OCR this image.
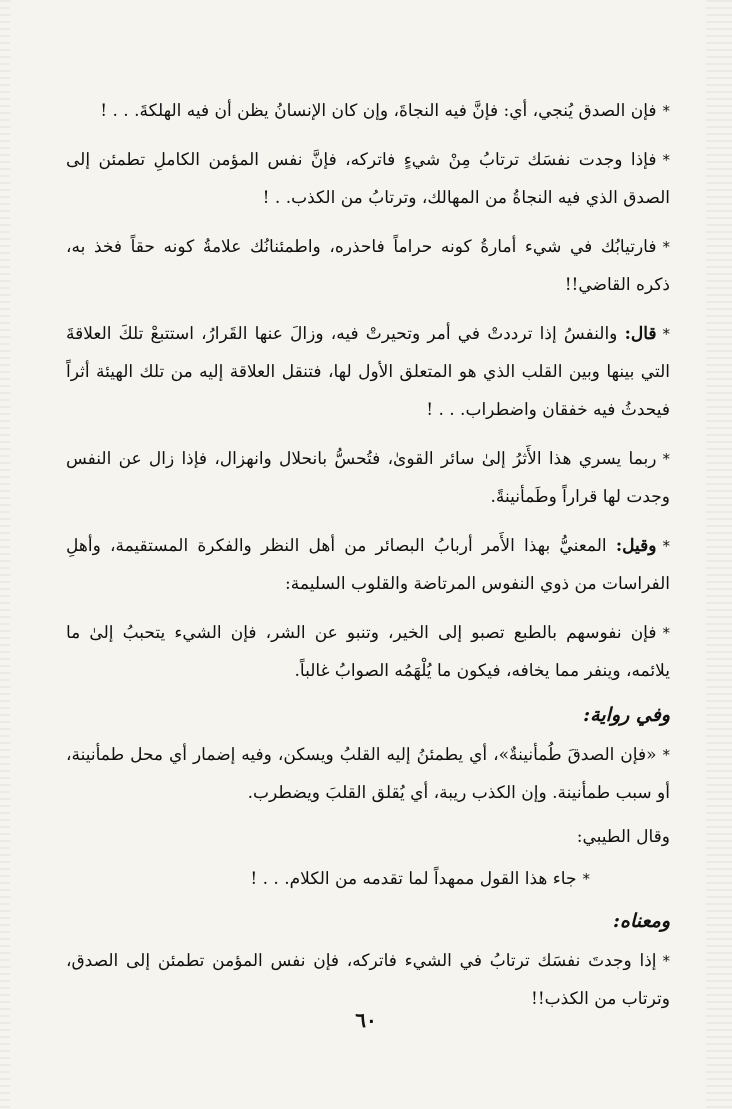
*فإن الصدق يُنجي، أي: فإنَّ فيه النجاةَ، وإن كان الإنسانُ يظن أن فيه الهلكةَ. . . !

*فإذا وجدت نفسَك ترتابُ مِنْ شيءٍ فاتركه، فإنَّ نفس المؤمن الكاملِ تطمئن إلى الصدق الذي فيه النجاةُ من المهالك، وترتابُ من الكذب. . !

*فارتيابُك في شيء أمارةُ كونه حراماً فاحذره، واطمئنانُك علامةُ كونه حقاً فخذ به، ذكره القاضي!!

*قال: والنفسُ إذا ترددتْ في أمر وتحيرتْ فيه، وزالَ عنها القَرارُ، استتبعْ تلكَ العلاقةَ التي بينها وبين القلب الذي هو المتعلق الأول لها، فتنقل العلاقة إليه من تلك الهيئة أثراً فيحدثُ فيه خفقان واضطراب. . . !

*ربما يسري هذا الأَثرُ إلىٰ سائر القوىٰ، فتُحسُّ بانحلال وانهزال، فإذا زال عن النفس وجدت لها قراراً وطَمأنينةً.

*وقيل: المعنيُّ بهذا الأَمر أربابُ البصائر من أهل النظر والفكرة المستقيمة، وأهلِ الفراسات من ذوي النفوس المرتاضة والقلوب السليمة:

*فإن نفوسهم بالطبع تصبو إلى الخير، وتنبو عن الشر، فإن الشيء يتحببُ إلىٰ ما يلائمه، وينفر مما يخافه، فيكون ما يُلْهَمُه الصوابُ غالباً.

وفي رواية:

*«فإن الصدقَ طُمأنينةٌ»، أي يطمئنُ إليه القلبُ ويسكن، وفيه إضمار أي محل طمأنينة، أو سبب طمأنينة. وإن الكذب ريبة، أي يُقلق القلبَ ويضطرب.

وقال الطيبي:

*جاء هذا القول ممهداً لما تقدمه من الكلام. . . !

ومعناه:

*إذا وجدتَ نفسَك ترتابُ في الشيء فاتركه، فإن نفس المؤمن تطمئن إلى الصدق، وترتاب من الكذب!!

٦٠
